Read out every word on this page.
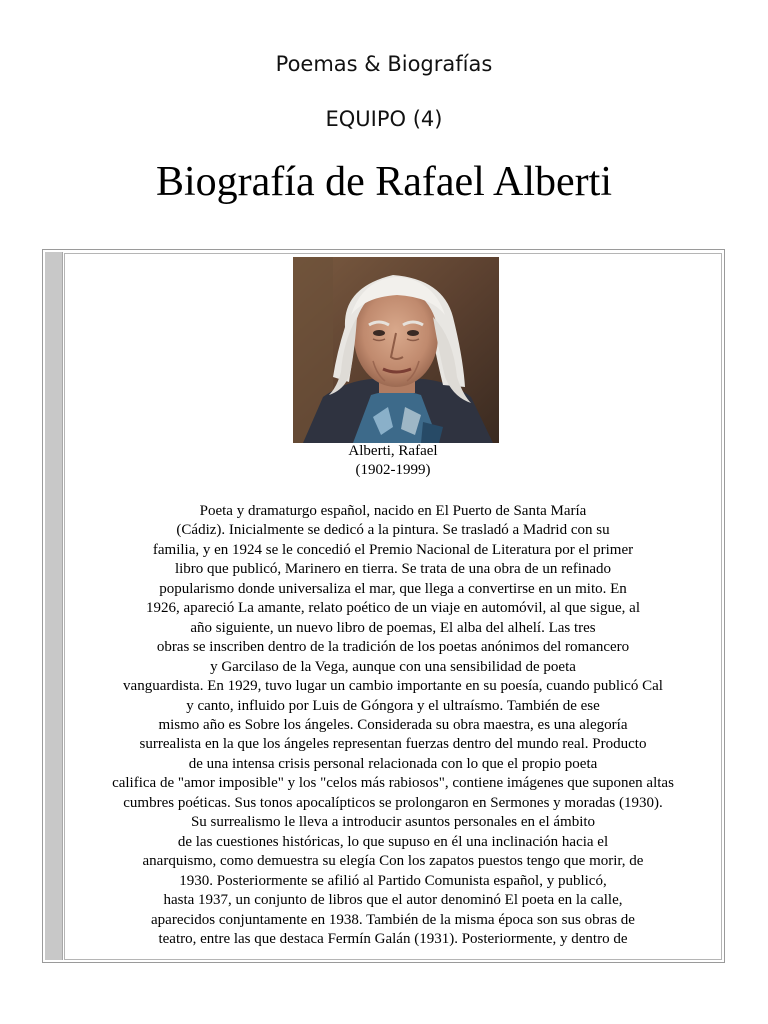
Poemas & Biografías
EQUIPO (4)
Biografía de Rafael Alberti
Alberti, Rafael
(1902-1999)
Poeta y dramaturgo español, nacido en El Puerto de Santa María
(Cádiz). Inicialmente se dedicó a la pintura. Se trasladó a Madrid con su
familia, y en 1924 se le concedió el Premio Nacional de Literatura por el primer
libro que publicó, Marinero en tierra. Se trata de una obra de un refinado
popularismo donde universaliza el mar, que llega a convertirse en un mito. En
1926, apareció La amante, relato poético de un viaje en automóvil, al que sigue, al
año siguiente, un nuevo libro de poemas, El alba del alhelí. Las tres
obras se inscriben dentro de la tradición de los poetas anónimos del romancero
y Garcilaso de la Vega, aunque con una sensibilidad de poeta
vanguardista. En 1929, tuvo lugar un cambio importante en su poesía, cuando publicó Cal
y canto, influido por Luis de Góngora y el ultraísmo. También de ese
mismo año es Sobre los ángeles. Considerada su obra maestra, es una alegoría
surrealista en la que los ángeles representan fuerzas dentro del mundo real. Producto
de una intensa crisis personal relacionada con lo que el propio poeta
califica de "amor imposible" y los "celos más rabiosos", contiene imágenes que suponen altas
cumbres poéticas. Sus tonos apocalípticos se prolongaron en Sermones y moradas (1930).
Su surrealismo le lleva a introducir asuntos personales en el ámbito
de las cuestiones históricas, lo que supuso en él una inclinación hacia el
anarquismo, como demuestra su elegía Con los zapatos puestos tengo que morir, de
1930. Posteriormente se afilió al Partido Comunista español, y publicó,
hasta 1937, un conjunto de libros que el autor denominó El poeta en la calle,
aparecidos conjuntamente en 1938. También de la misma época son sus obras de
teatro, entre las que destaca Fermín Galán (1931). Posteriormente, y dentro de
